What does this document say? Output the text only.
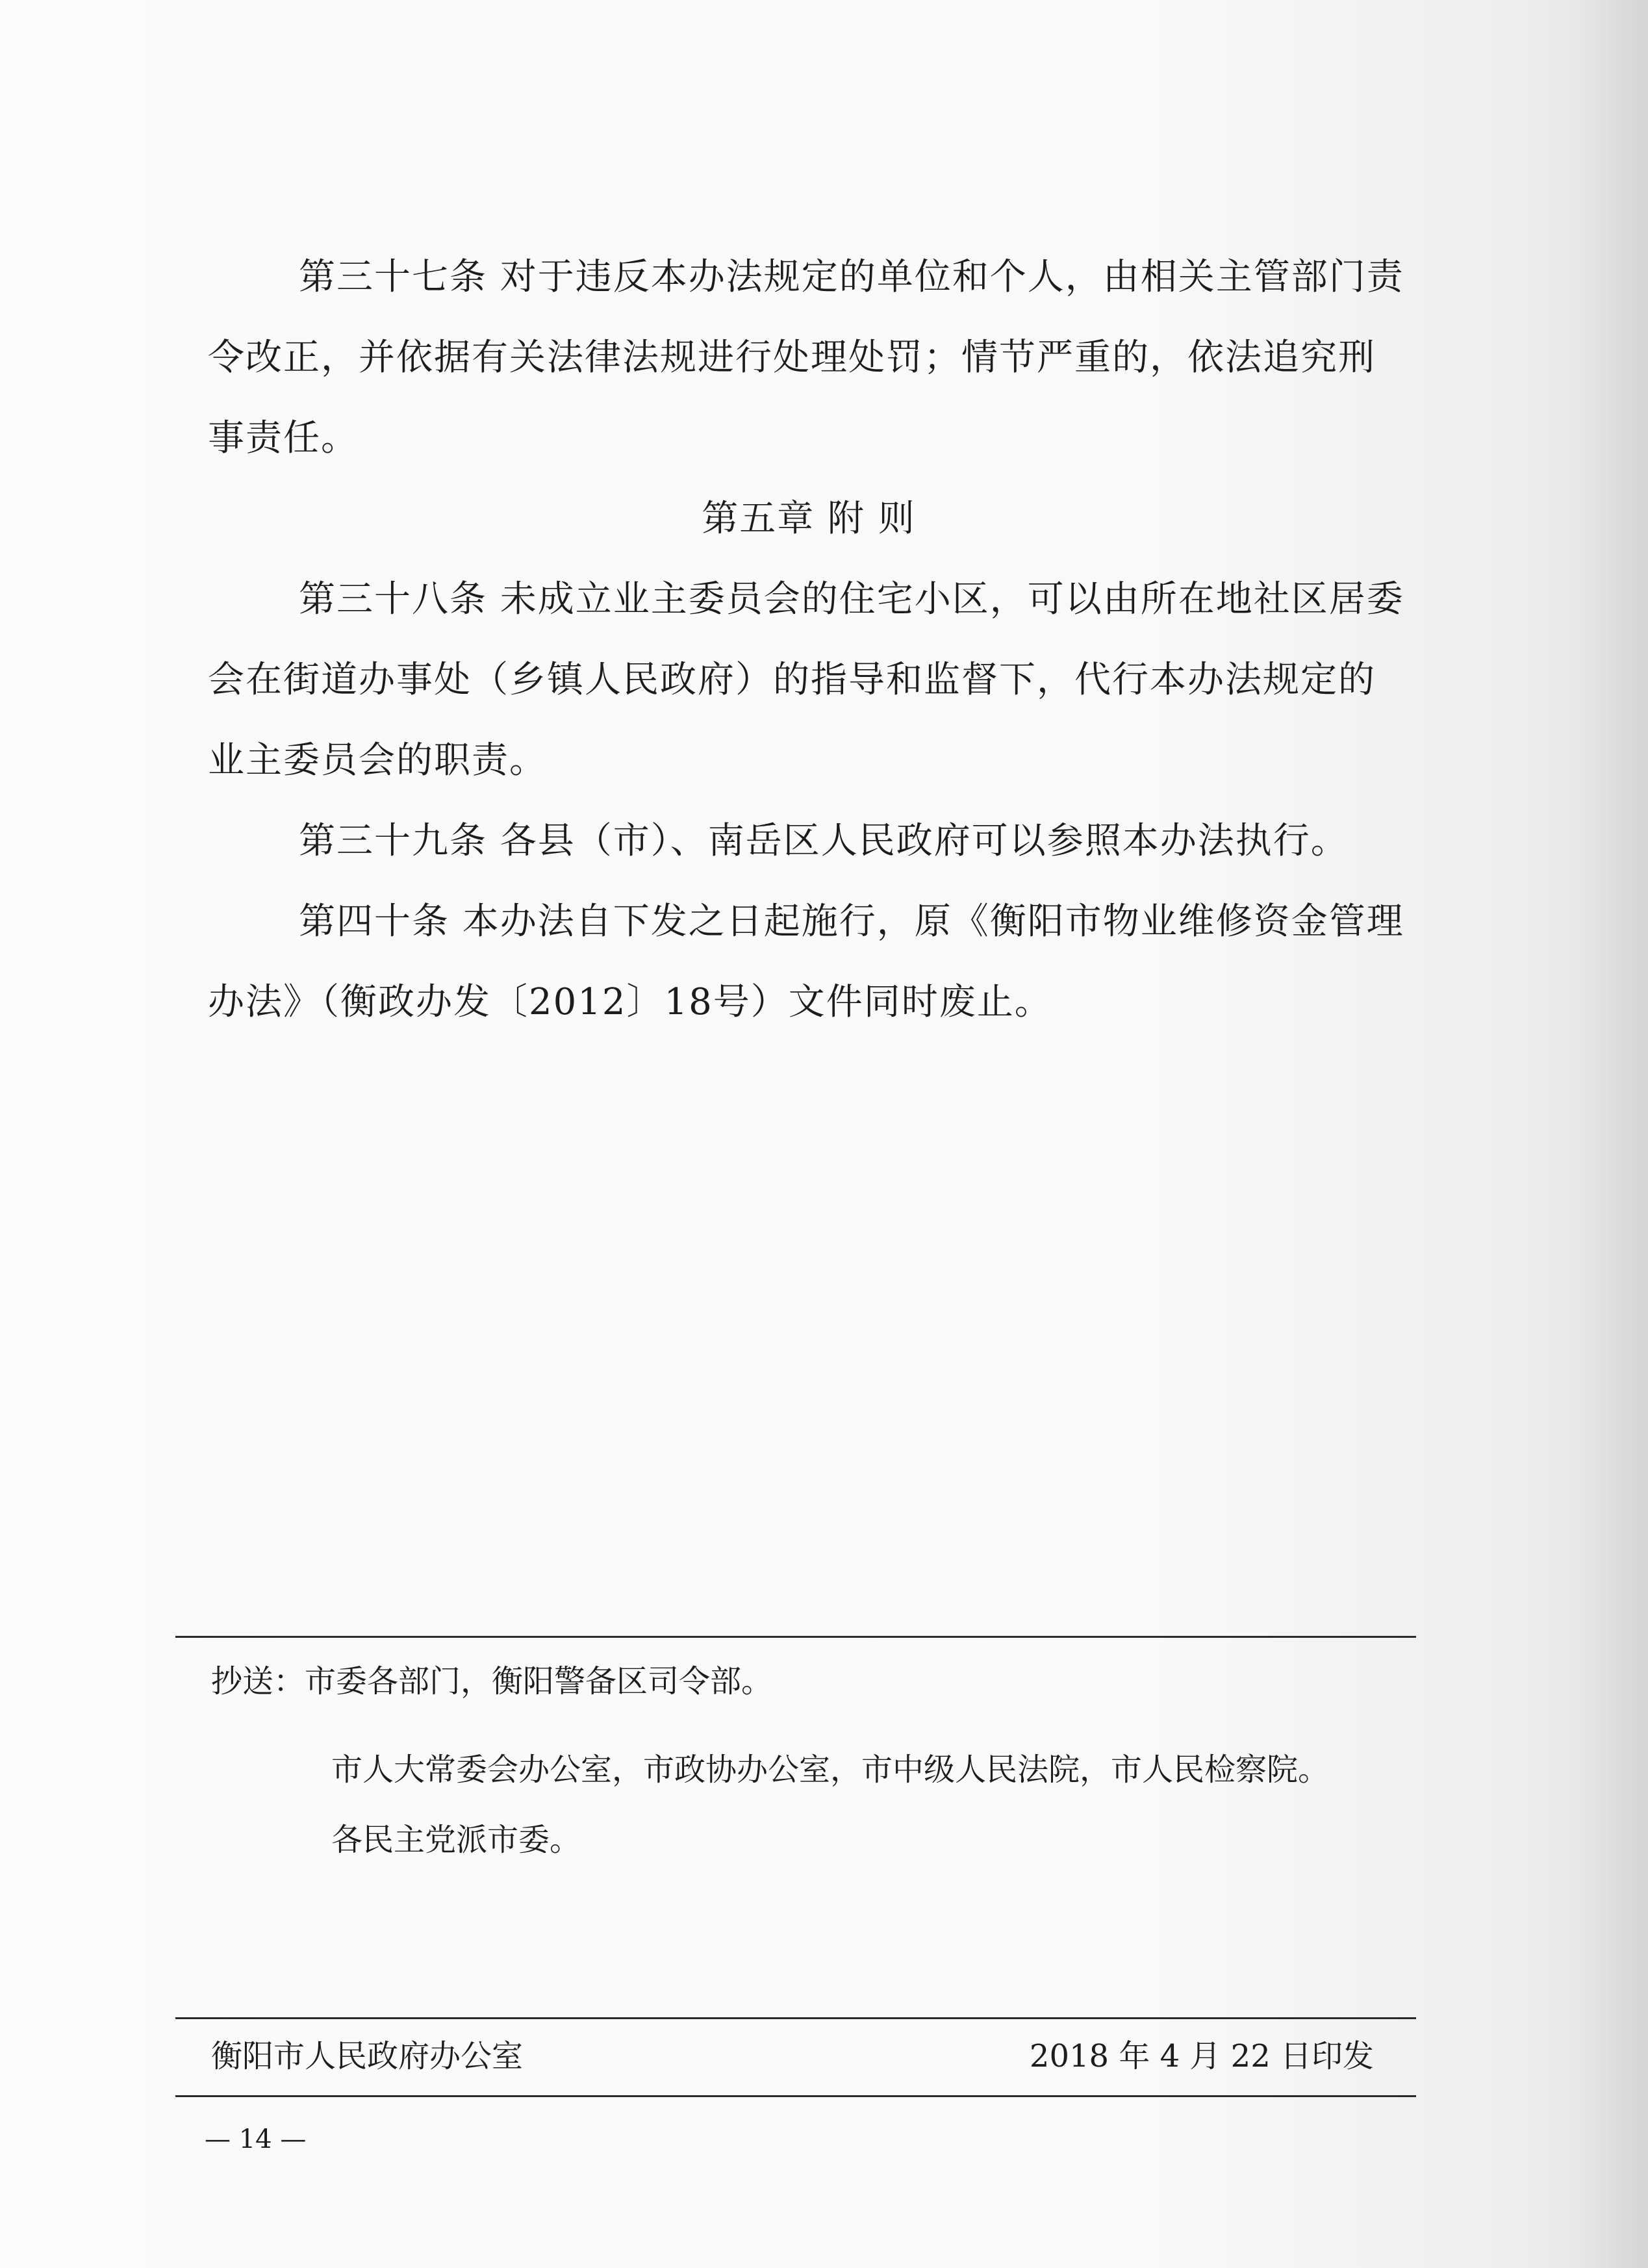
第三十七条 对于违反本办法规定的单位和个人，由相关主管部门责令改正，并依据有关法律法规进行处理处罚；情节严重的，依法追究刑事责任。

第五章 附 则

第三十八条 未成立业主委员会的住宅小区，可以由所在地社区居委会在街道办事处（乡镇人民政府）的指导和监督下，代行本办法规定的业主委员会的职责。

第三十九条 各县（市）、南岳区人民政府可以参照本办法执行。

第四十条 本办法自下发之日起施行，原《衡阳市物业维修资金管理办法》（衡政办发〔2012〕18号）文件同时废止。

抄送：市委各部门，衡阳警备区司令部。

市人大常委会办公室，市政协办公室，市中级人民法院，市人民检察院。

各民主党派市委。

衡阳市人民政府办公室	2018 年 4 月 22 日印发
— 14 —
